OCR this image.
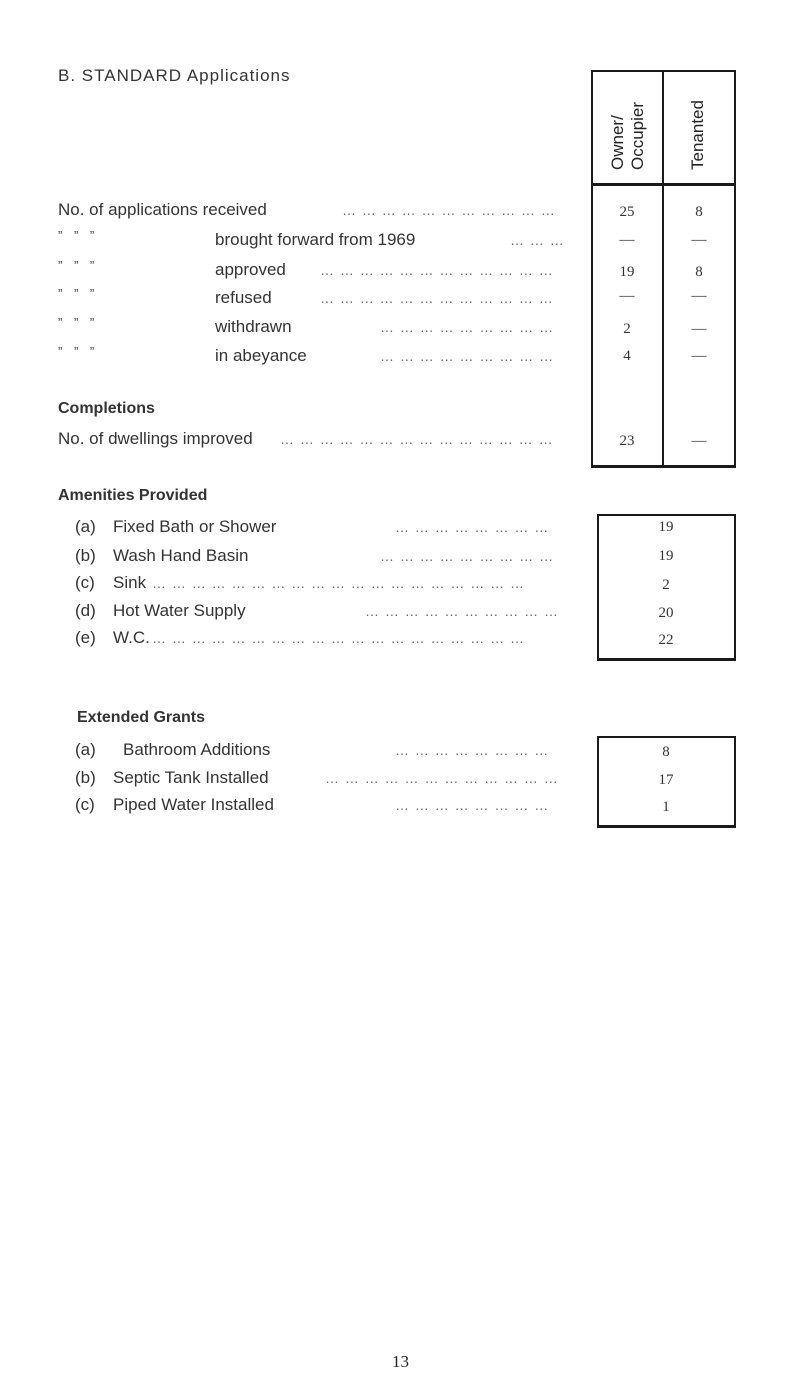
B. STANDARD Applications
Owner/ Occupier Tenanted
No. of applications received	… … … … … … … … … … …	25	8
” ” ”	brought forward from 1969	… … …	—	—
” ” ”	approved … … … … … … … … … … … …	19	8
” ” ”	refused	… … … … … … … … … … … …	—	—
” ” ”	withdrawn	… … … … … … … … …	2	—
” ” ”	in abeyance	… … … … … … … … …	4	—
Completions
No. of dwellings improved … … … … … … … … … … … … … …	23	—
Amenities Provided
(a) Fixed Bath or Shower	… … … … … … … …	19
(b) Wash Hand Basin	… … … … … … … … …	19
(c) Sink … … … … … … … … … … … … … … … … … … …	2
(d) Hot Water Supply	… … … … … … … … … …	20
(e) W.C. … … … … … … … … … … … … … … … … … … …	22
Extended Grants
(a) Bathroom Additions	… … … … … … … …	8
(b) Septic Tank Installed	… … … … … … … … … … … …	17
(c) Piped Water Installed	… … … … … … … …	1
13
